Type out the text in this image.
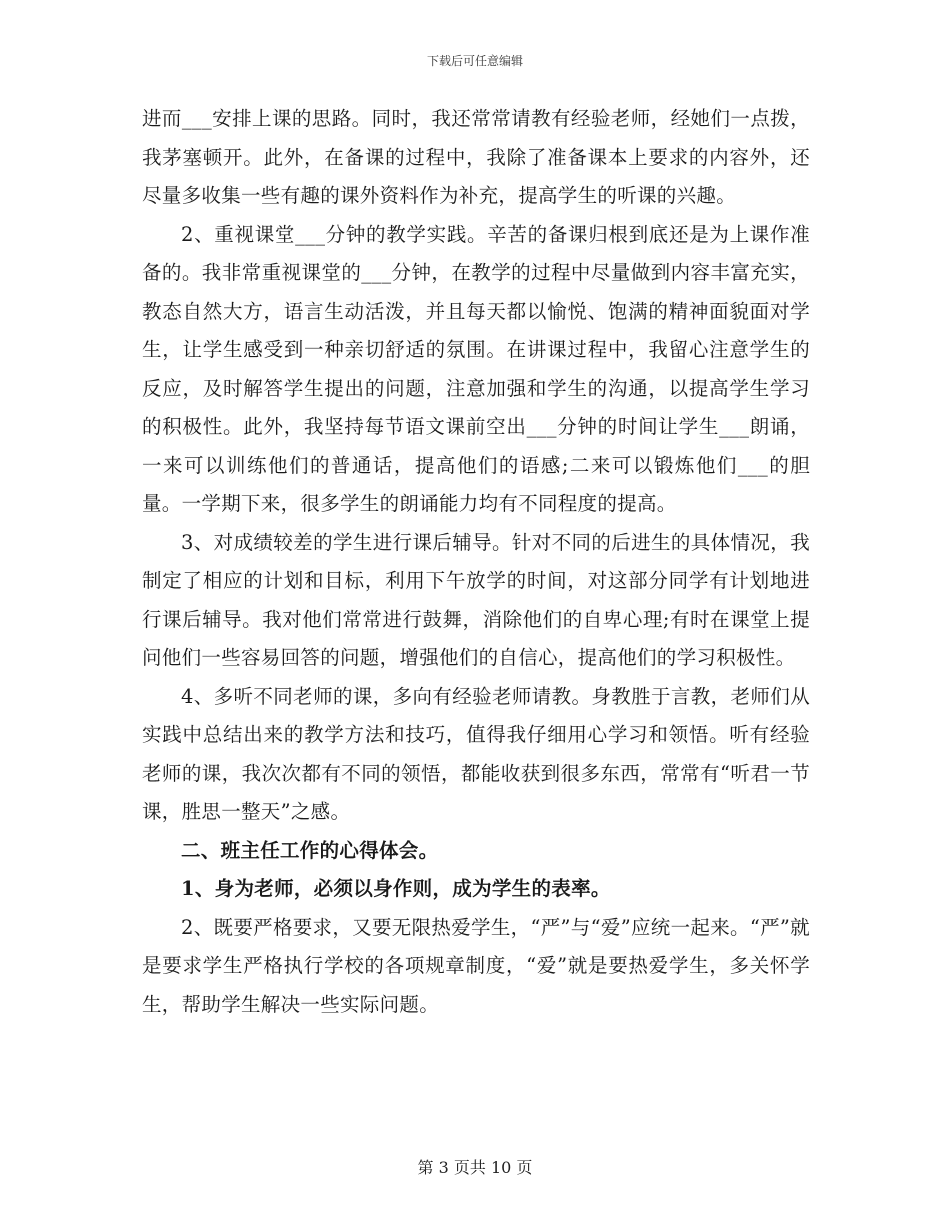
下载后可任意编辑

进而___安排上课的思路。同时，我还常常请教有经验老师，经她们一点拨，我茅塞顿开。此外，在备课的过程中，我除了准备课本上要求的内容外，还尽量多收集一些有趣的课外资料作为补充，提高学生的听课的兴趣。

2、重视课堂___分钟的教学实践。辛苦的备课归根到底还是为上课作准备的。我非常重视课堂的___分钟，在教学的过程中尽量做到内容丰富充实，教态自然大方，语言生动活泼，并且每天都以愉悦、饱满的精神面貌面对学生，让学生感受到一种亲切舒适的氛围。在讲课过程中，我留心注意学生的反应，及时解答学生提出的问题，注意加强和学生的沟通，以提高学生学习的积极性。此外，我坚持每节语文课前空出___分钟的时间让学生___朗诵，一来可以训练他们的普通话，提高他们的语感;二来可以锻炼他们___的胆量。一学期下来，很多学生的朗诵能力均有不同程度的提高。

3、对成绩较差的学生进行课后辅导。针对不同的后进生的具体情况，我制定了相应的计划和目标，利用下午放学的时间，对这部分同学有计划地进行课后辅导。我对他们常常进行鼓舞，消除他们的自卑心理;有时在课堂上提问他们一些容易回答的问题，增强他们的自信心，提高他们的学习积极性。

4、多听不同老师的课，多向有经验老师请教。身教胜于言教，老师们从实践中总结出来的教学方法和技巧，值得我仔细用心学习和领悟。听有经验老师的课，我次次都有不同的领悟，都能收获到很多东西，常常有“听君一节课，胜思一整天”之感。

二、班主任工作的心得体会。

1、身为老师，必须以身作则，成为学生的表率。

2、既要严格要求，又要无限热爱学生，“严”与“爱”应统一起来。“严”就是要求学生严格执行学校的各项规章制度，“爱”就是要热爱学生，多关怀学生，帮助学生解决一些实际问题。

第 3 页共 10 页
